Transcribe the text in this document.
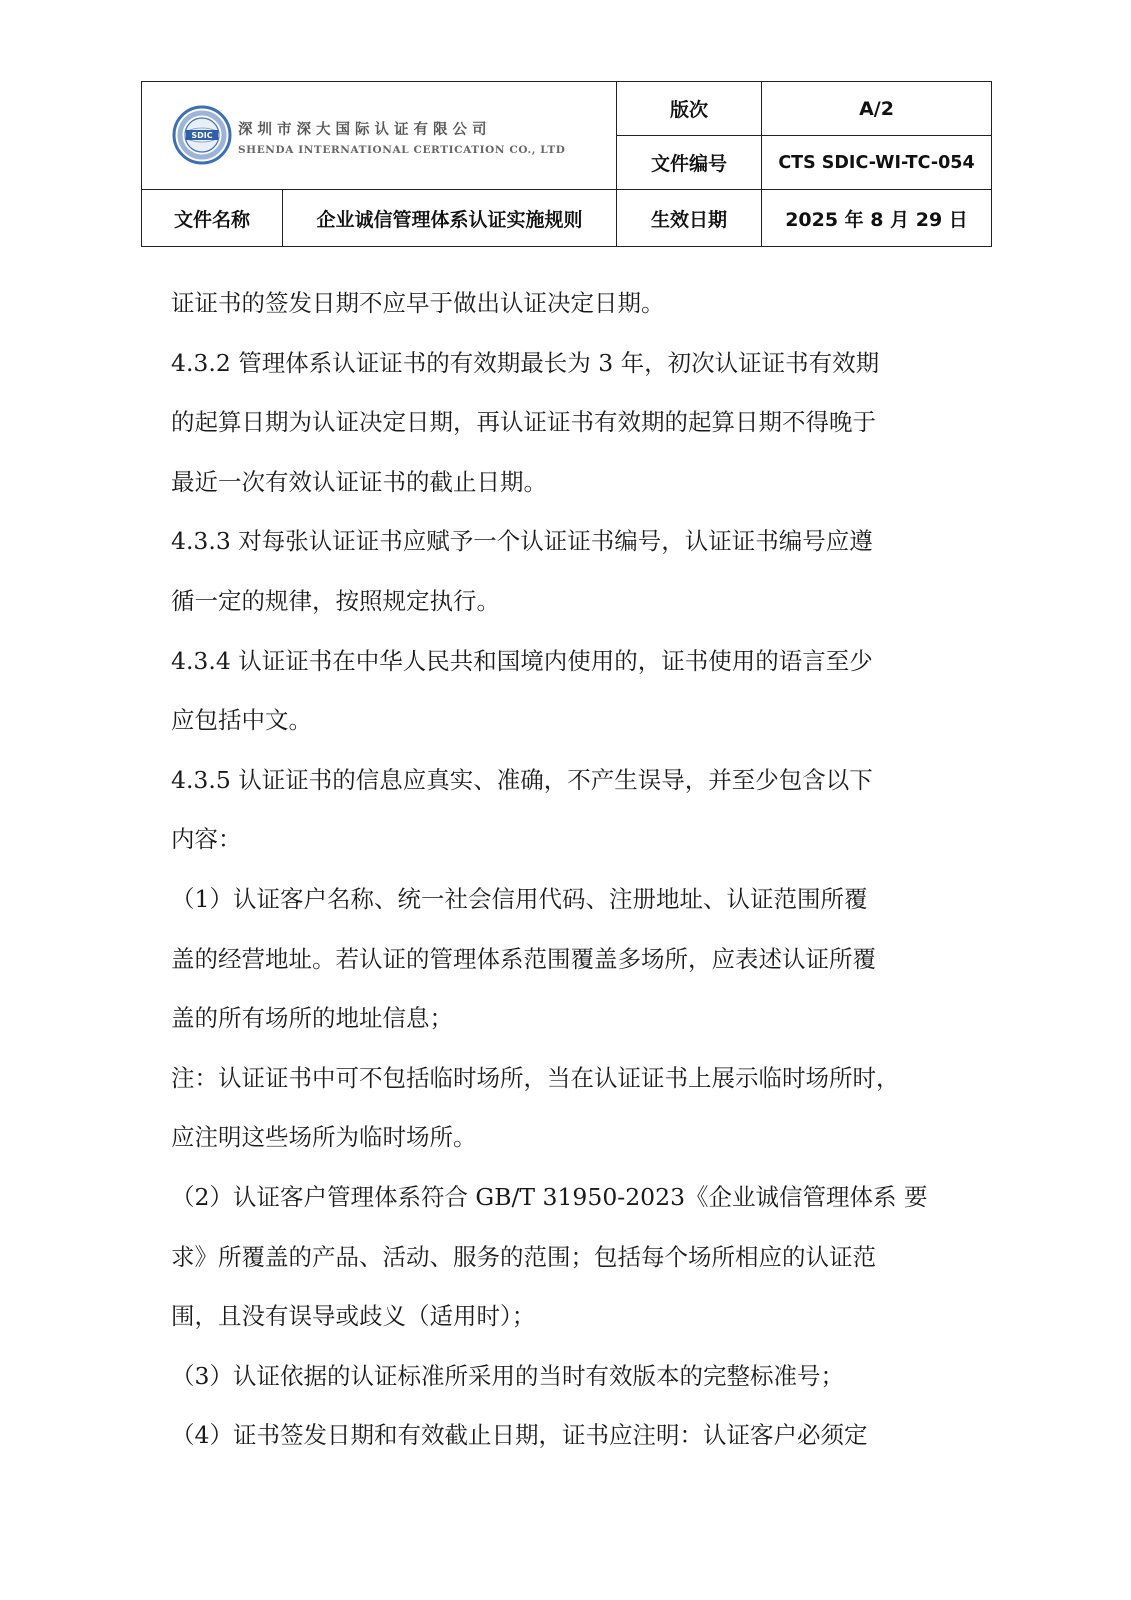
SDIC 深圳市深大国际认证有限公司
SHENDA INTERNATIONAL CERTICATION CO., LTD		版次	A/2
		文件编号	CTS SDIC-WI-TC-054
文件名称	企业诚信管理体系认证实施规则	生效日期	2025 年 8 月 29 日
证证书的签发日期不应早于做出认证决定日期。
4.3.2 管理体系认证证书的有效期最长为 3 年，初次认证证书有效期
的起算日期为认证决定日期，再认证证书有效期的起算日期不得晚于
最近一次有效认证证书的截止日期。
4.3.3 对每张认证证书应赋予一个认证证书编号，认证证书编号应遵
循一定的规律，按照规定执行。
4.3.4 认证证书在中华人民共和国境内使用的，证书使用的语言至少
应包括中文。
4.3.5 认证证书的信息应真实、准确，不产生误导，并至少包含以下
内容：
（1）认证客户名称、统一社会信用代码、注册地址、认证范围所覆
盖的经营地址。若认证的管理体系范围覆盖多场所，应表述认证所覆
盖的所有场所的地址信息；
注：认证证书中可不包括临时场所，当在认证证书上展示临时场所时，
应注明这些场所为临时场所。
（2）认证客户管理体系符合 GB/T 31950-2023《企业诚信管理体系 要
求》所覆盖的产品、活动、服务的范围；包括每个场所相应的认证范
围，且没有误导或歧义（适用时）；
（3）认证依据的认证标准所采用的当时有效版本的完整标准号；
（4）证书签发日期和有效截止日期，证书应注明：认证客户必须定
